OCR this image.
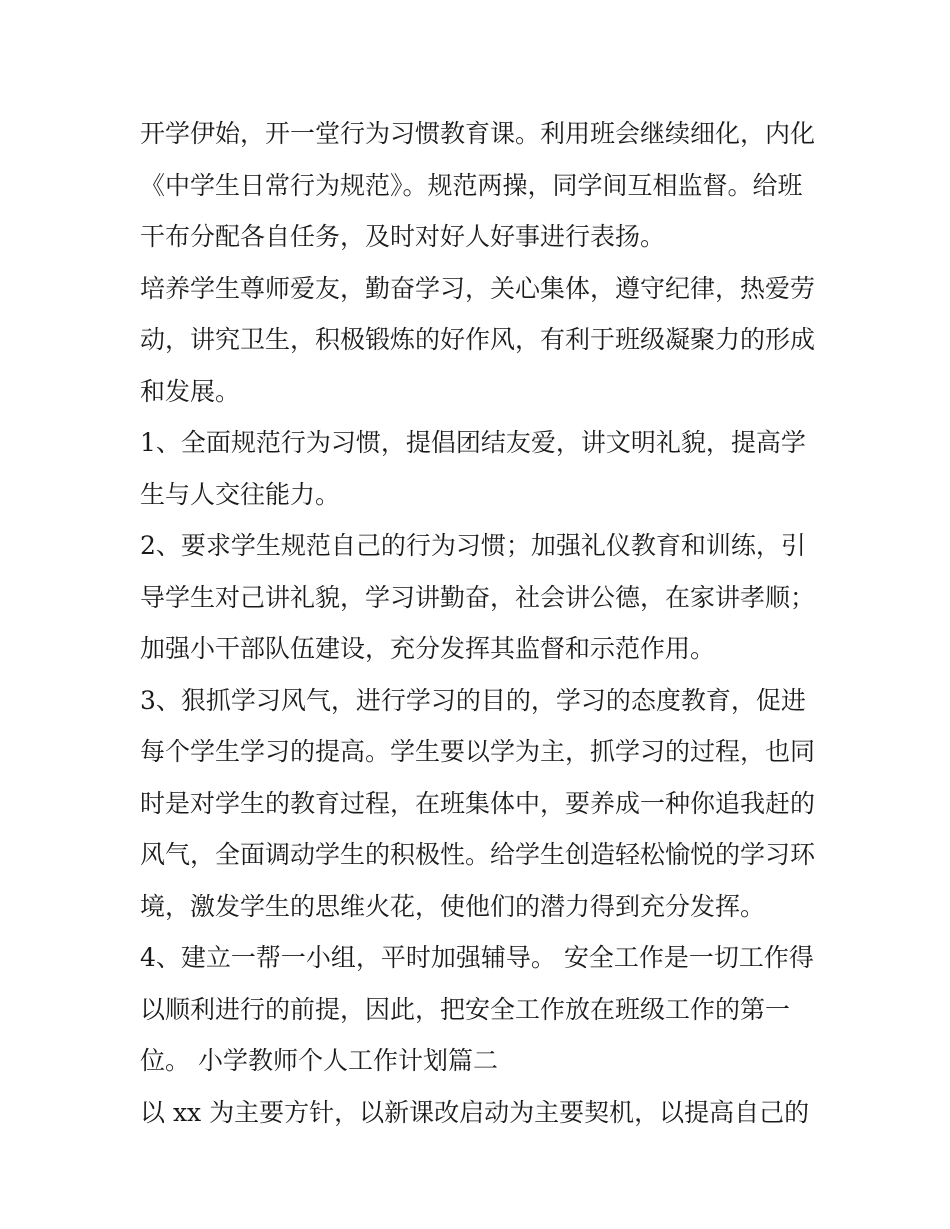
开学伊始，开一堂行为习惯教育课。利用班会继续细化，内化
《中学生日常行为规范》。规范两操，同学间互相监督。给班
干布分配各自任务，及时对好人好事进行表扬。
培养学生尊师爱友，勤奋学习，关心集体，遵守纪律，热爱劳
动，讲究卫生，积极锻炼的好作风，有利于班级凝聚力的形成
和发展。
1、全面规范行为习惯，提倡团结友爱，讲文明礼貌，提高学
生与人交往能力。
2、要求学生规范自己的行为习惯；加强礼仪教育和训练，引
导学生对己讲礼貌，学习讲勤奋，社会讲公德，在家讲孝顺；
加强小干部队伍建设，充分发挥其监督和示范作用。
3、狠抓学习风气，进行学习的目的，学习的态度教育，促进
每个学生学习的提高。学生要以学为主，抓学习的过程，也同
时是对学生的教育过程，在班集体中，要养成一种你追我赶的
风气，全面调动学生的积极性。给学生创造轻松愉悦的学习环
境，激发学生的思维火花，使他们的潜力得到充分发挥。
4、建立一帮一小组，平时加强辅导。 安全工作是一切工作得
以顺利进行的前提，因此，把安全工作放在班级工作的第一
位。 小学教师个人工作计划篇二
以 xx 为主要方针，以新课改启动为主要契机，以提高自己的
